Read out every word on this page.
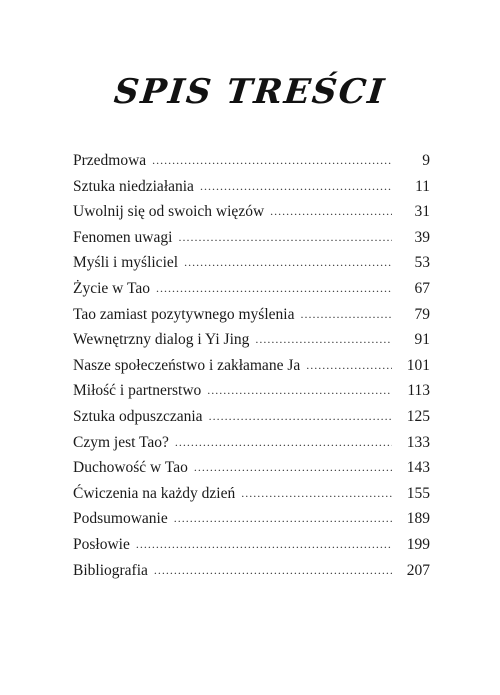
SPIS TREŚCI
Przedmowa .....	9
Sztuka niedziałania .....	11
Uwolnij się od swoich więzów .....	31
Fenomen uwagi .....	39
Myśli i myśliciel .....	53
Życie w Tao .....	67
Tao zamiast pozytywnego myślenia .....	79
Wewnętrzny dialog i Yi Jing .....	91
Nasze społeczeństwo i zakłamane Ja .....	101
Miłość i partnerstwo .....	113
Sztuka odpuszczania .....	125
Czym jest Tao? .....	133
Duchowość w Tao .....	143
Ćwiczenia na każdy dzień .....	155
Podsumowanie .....	189
Posłowie .....	199
Bibliografia .....	207
